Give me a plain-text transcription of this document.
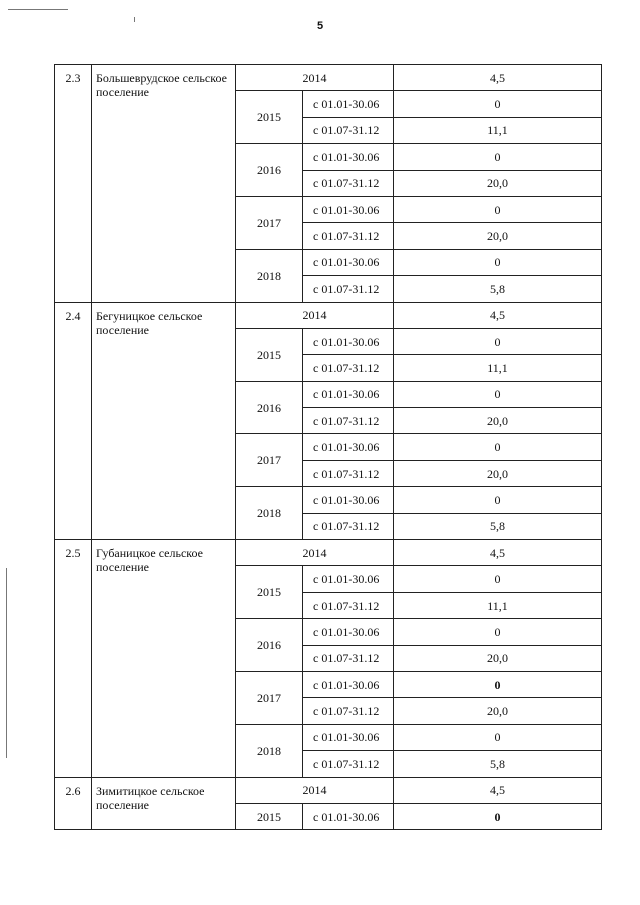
5
2.3	Большеврудское сельское поселение	2014		4,5
		2015	с 01.01-30.06	0
			с 01.07-31.12	11,1
		2016	с 01.01-30.06	0
			с 01.07-31.12	20,0
		2017	с 01.01-30.06	0
			с 01.07-31.12	20,0
		2018	с 01.01-30.06	0
			с 01.07-31.12	5,8
2.4	Бегуницкое сельское поселение	2014		4,5
		2015	с 01.01-30.06	0
			с 01.07-31.12	11,1
		2016	с 01.01-30.06	0
			с 01.07-31.12	20,0
		2017	с 01.01-30.06	0
			с 01.07-31.12	20,0
		2018	с 01.01-30.06	0
			с 01.07-31.12	5,8
2.5	Губаницкое сельское поселение	2014		4,5
		2015	с 01.01-30.06	0
			с 01.07-31.12	11,1
		2016	с 01.01-30.06	0
			с 01.07-31.12	20,0
		2017	с 01.01-30.06	0
			с 01.07-31.12	20,0
		2018	с 01.01-30.06	0
			с 01.07-31.12	5,8
2.6	Зимитицкое сельское поселение	2014		4,5
		2015	с 01.01-30.06	0
